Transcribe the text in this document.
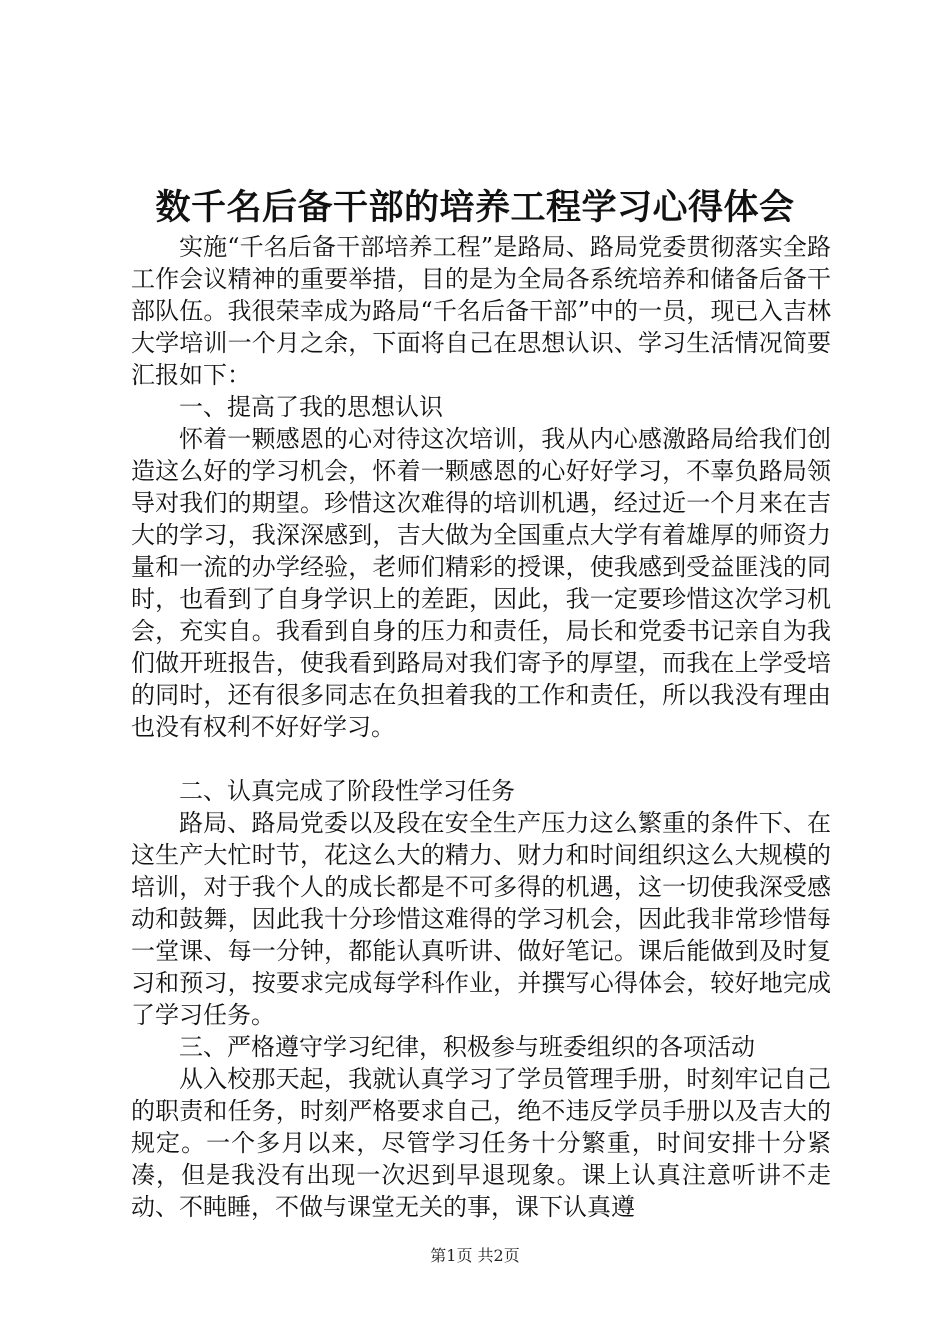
数千名后备干部的培养工程学习心得体会

实施“千名后备干部培养工程”是路局、路局党委贯彻落实全路工作会议精神的重要举措，目的是为全局各系统培养和储备后备干部队伍。我很荣幸成为路局“千名后备干部”中的一员，现已入吉林大学培训一个月之余，下面将自己在思想认识、学习生活情况简要汇报如下：

一、提高了我的思想认识

怀着一颗感恩的心对待这次培训，我从内心感激路局给我们创造这么好的学习机会，怀着一颗感恩的心好好学习，不辜负路局领导对我们的期望。珍惜这次难得的培训机遇，经过近一个月来在吉大的学习，我深深感到，吉大做为全国重点大学有着雄厚的师资力量和一流的办学经验，老师们精彩的授课，使我感到受益匪浅的同时，也看到了自身学识上的差距，因此，我一定要珍惜这次学习机会，充实自。我看到自身的压力和责任，局长和党委书记亲自为我们做开班报告，使我看到路局对我们寄予的厚望，而我在上学受培的同时，还有很多同志在负担着我的工作和责任，所以我没有理由也没有权利不好好学习。

二、认真完成了阶段性学习任务

路局、路局党委以及段在安全生产压力这么繁重的条件下、在这生产大忙时节，花这么大的精力、财力和时间组织这么大规模的培训，对于我个人的成长都是不可多得的机遇，这一切使我深受感动和鼓舞，因此我十分珍惜这难得的学习机会，因此我非常珍惜每一堂课、每一分钟，都能认真听讲、做好笔记。课后能做到及时复习和预习，按要求完成每学科作业，并撰写心得体会，较好地完成了学习任务。

三、严格遵守学习纪律，积极参与班委组织的各项活动

从入校那天起，我就认真学习了学员管理手册，时刻牢记自己的职责和任务，时刻严格要求自己，绝不违反学员手册以及吉大的规定。一个多月以来，尽管学习任务十分繁重，时间安排十分紧凑，但是我没有出现一次迟到早退现象。课上认真注意听讲不走动、不盹睡，不做与课堂无关的事，课下认真遵

第1页 共2页
